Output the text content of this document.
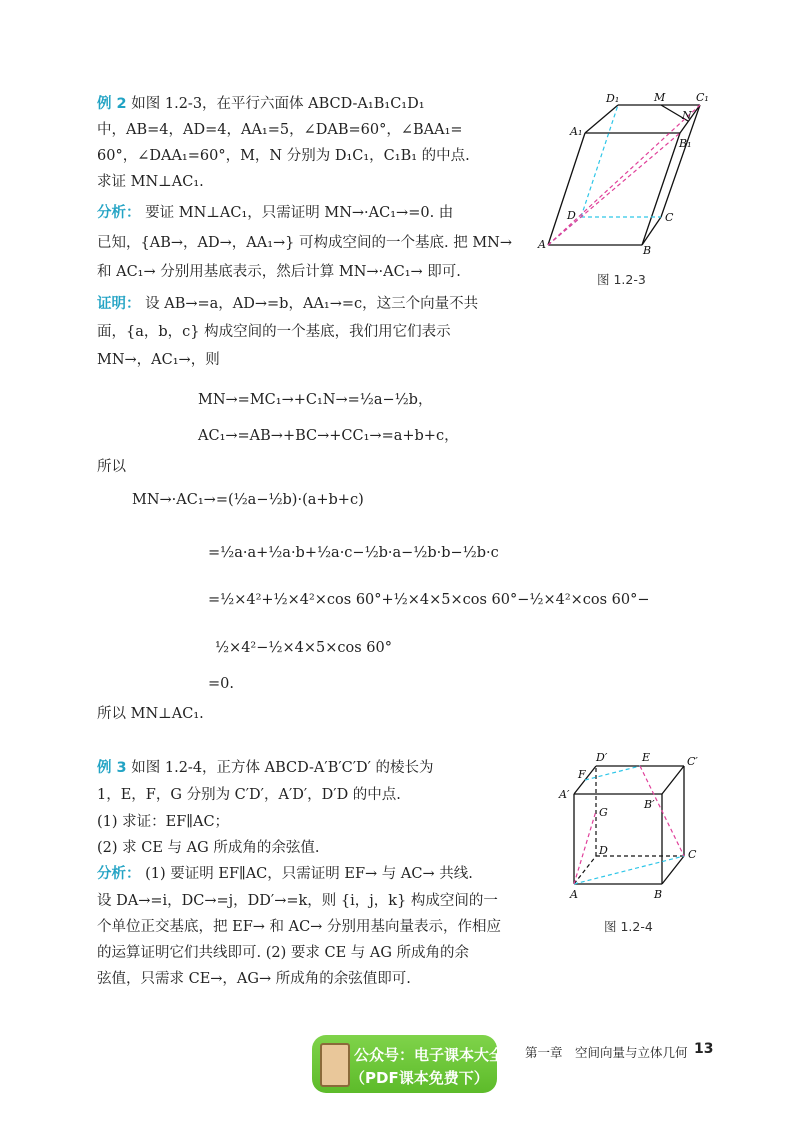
例 2 如图 1.2-3，在平行六面体 ABCD-A₁B₁C₁D₁
中，AB=4，AD=4，AA₁=5，∠DAB=60°，∠BAA₁=
60°，∠DAA₁=60°，M，N 分别为 D₁C₁，C₁B₁ 的中点.
求证 MN⊥AC₁.
分析： 要证 MN⊥AC₁，只需证明 MN→·AC₁→=0. 由
已知，{AB→，AD→，AA₁→} 可构成空间的一个基底. 把 MN→
和 AC₁→ 分别用基底表示，然后计算 MN→·AC₁→ 即可.
证明： 设 AB→=a，AD→=b，AA₁→=c，这三个向量不共
面，{a，b，c} 构成空间的一个基底，我们用它们表示
MN→，AC₁→，则
MN→=MC₁→+C₁N→=½a−½b，
AC₁→=AB→+BC→+CC₁→=a+b+c，
所以
MN→·AC₁→=(½a−½b)·(a+b+c)
=½a·a+½a·b+½a·c−½b·a−½b·b−½b·c
=½×4²+½×4²×cos 60°+½×4×5×cos 60°−½×4²×cos 60°−
½×4²−½×4×5×cos 60°
=0.
所以 MN⊥AC₁.
D₁	M	C₁
N
A₁
B₁
D	C
A	B
图 1.2-3
例 3 如图 1.2-4，正方体 ABCD-A′B′C′D′ 的棱长为
1，E，F，G 分别为 C′D′，A′D′，D′D 的中点.
(1) 求证：EF∥AC；
(2) 求 CE 与 AG 所成角的余弦值.
分析： (1) 要证明 EF∥AC，只需证明 EF→ 与 AC→ 共线.
设 DA→=i，DC→=j，DD′→=k，则 {i，j，k} 构成空间的一
个单位正交基底，把 EF→ 和 AC→ 分别用基向量表示，作相应
的运算证明它们共线即可. (2) 要求 CE 与 AG 所成角的余
弦值，只需求 CE→，AG→ 所成角的余弦值即可.
D′	E	C′
F
A′
B′
G
D	C
A	B
图 1.2-4
第一章　空间向量与立体几何 13
公众号：电子课本大全
（PDF课本免费下）
